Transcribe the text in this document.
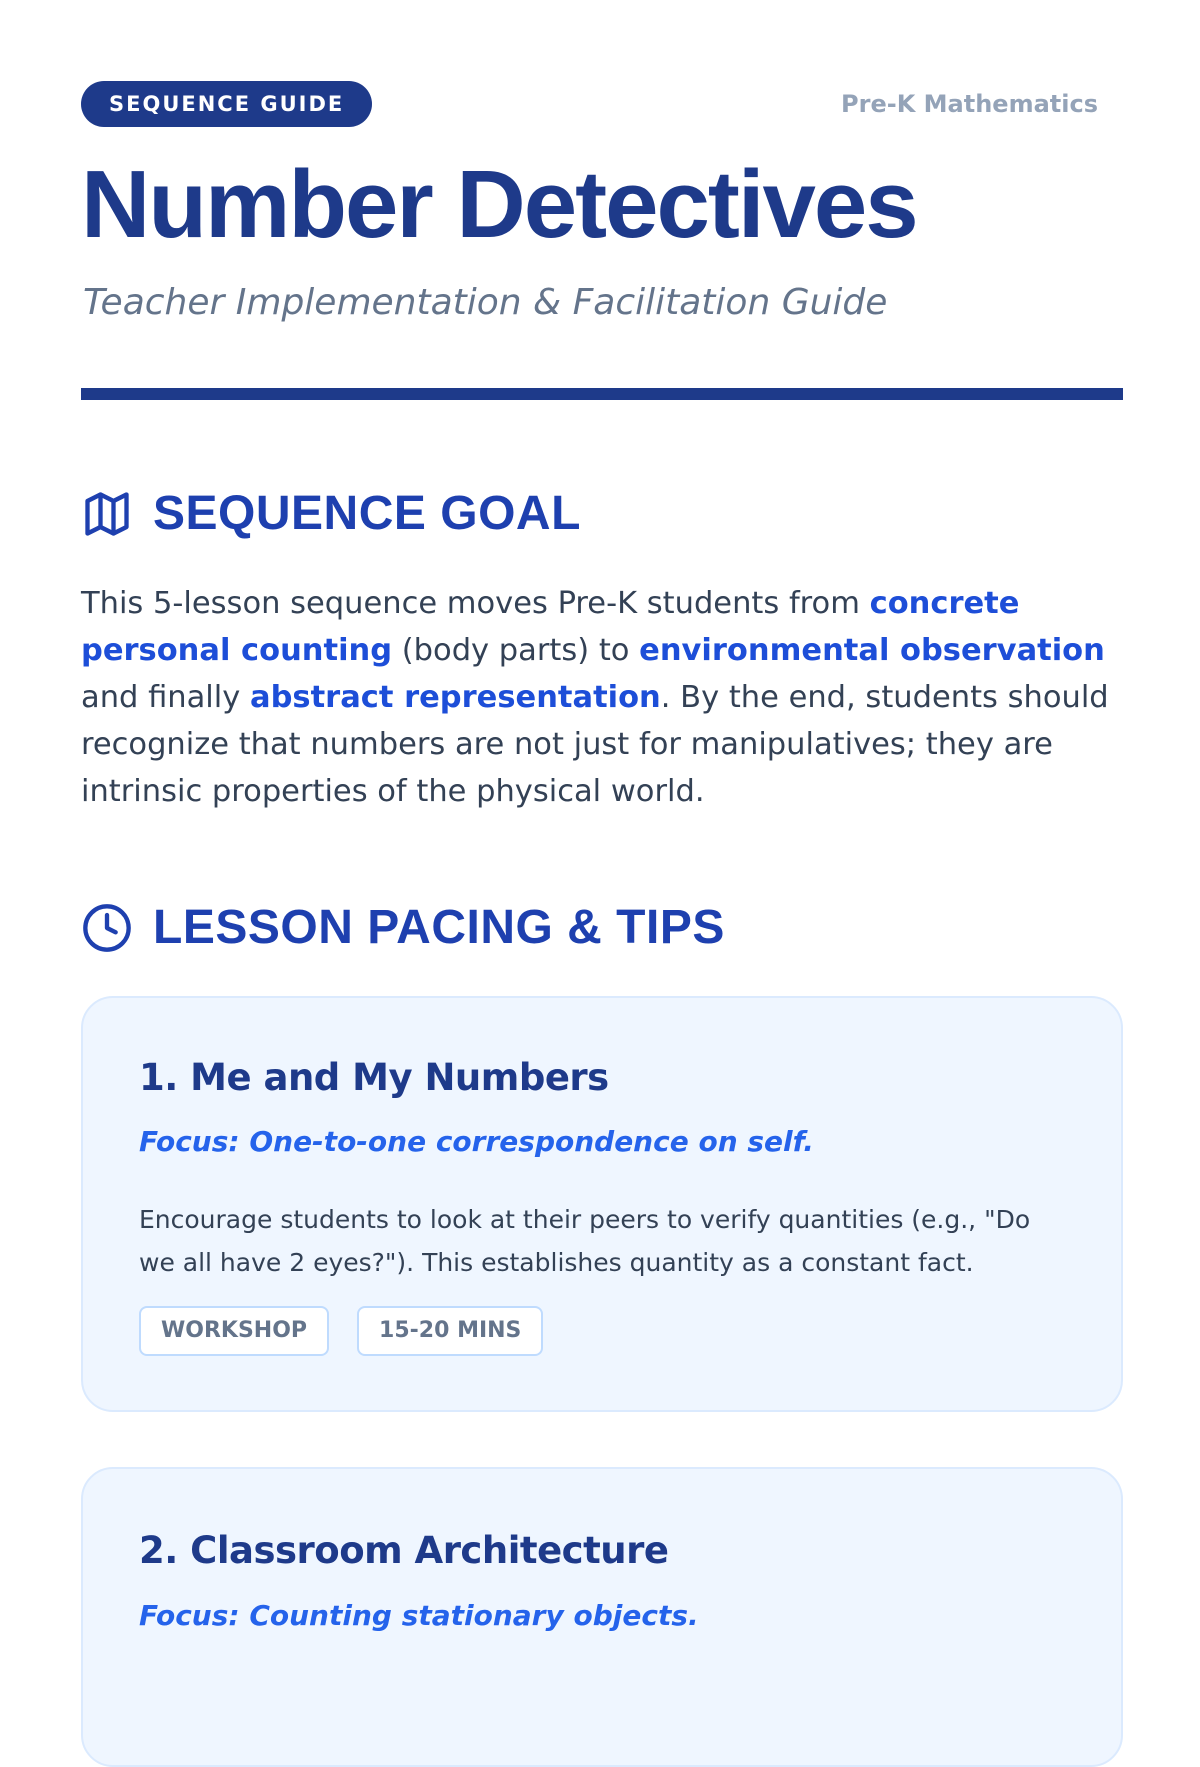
SEQUENCE GUIDE	Pre-K Mathematics
Number Detectives
Teacher Implementation & Facilitation Guide
SEQUENCE GOAL

This 5-lesson sequence moves Pre-K students from concrete personal counting (body parts) to environmental observation and finally abstract representation. By the end, students should recognize that numbers are not just for manipulatives; they are intrinsic properties of the physical world.

LESSON PACING & TIPS
1. Me and My Numbers
Focus: One-to-one correspondence on self.

Encourage students to look at their peers to verify quantities (e.g., "Do we all have 2 eyes?"). This establishes quantity as a constant fact.

WORKSHOP	15-20 MINS
2. Classroom Architecture
Focus: Counting stationary objects.
